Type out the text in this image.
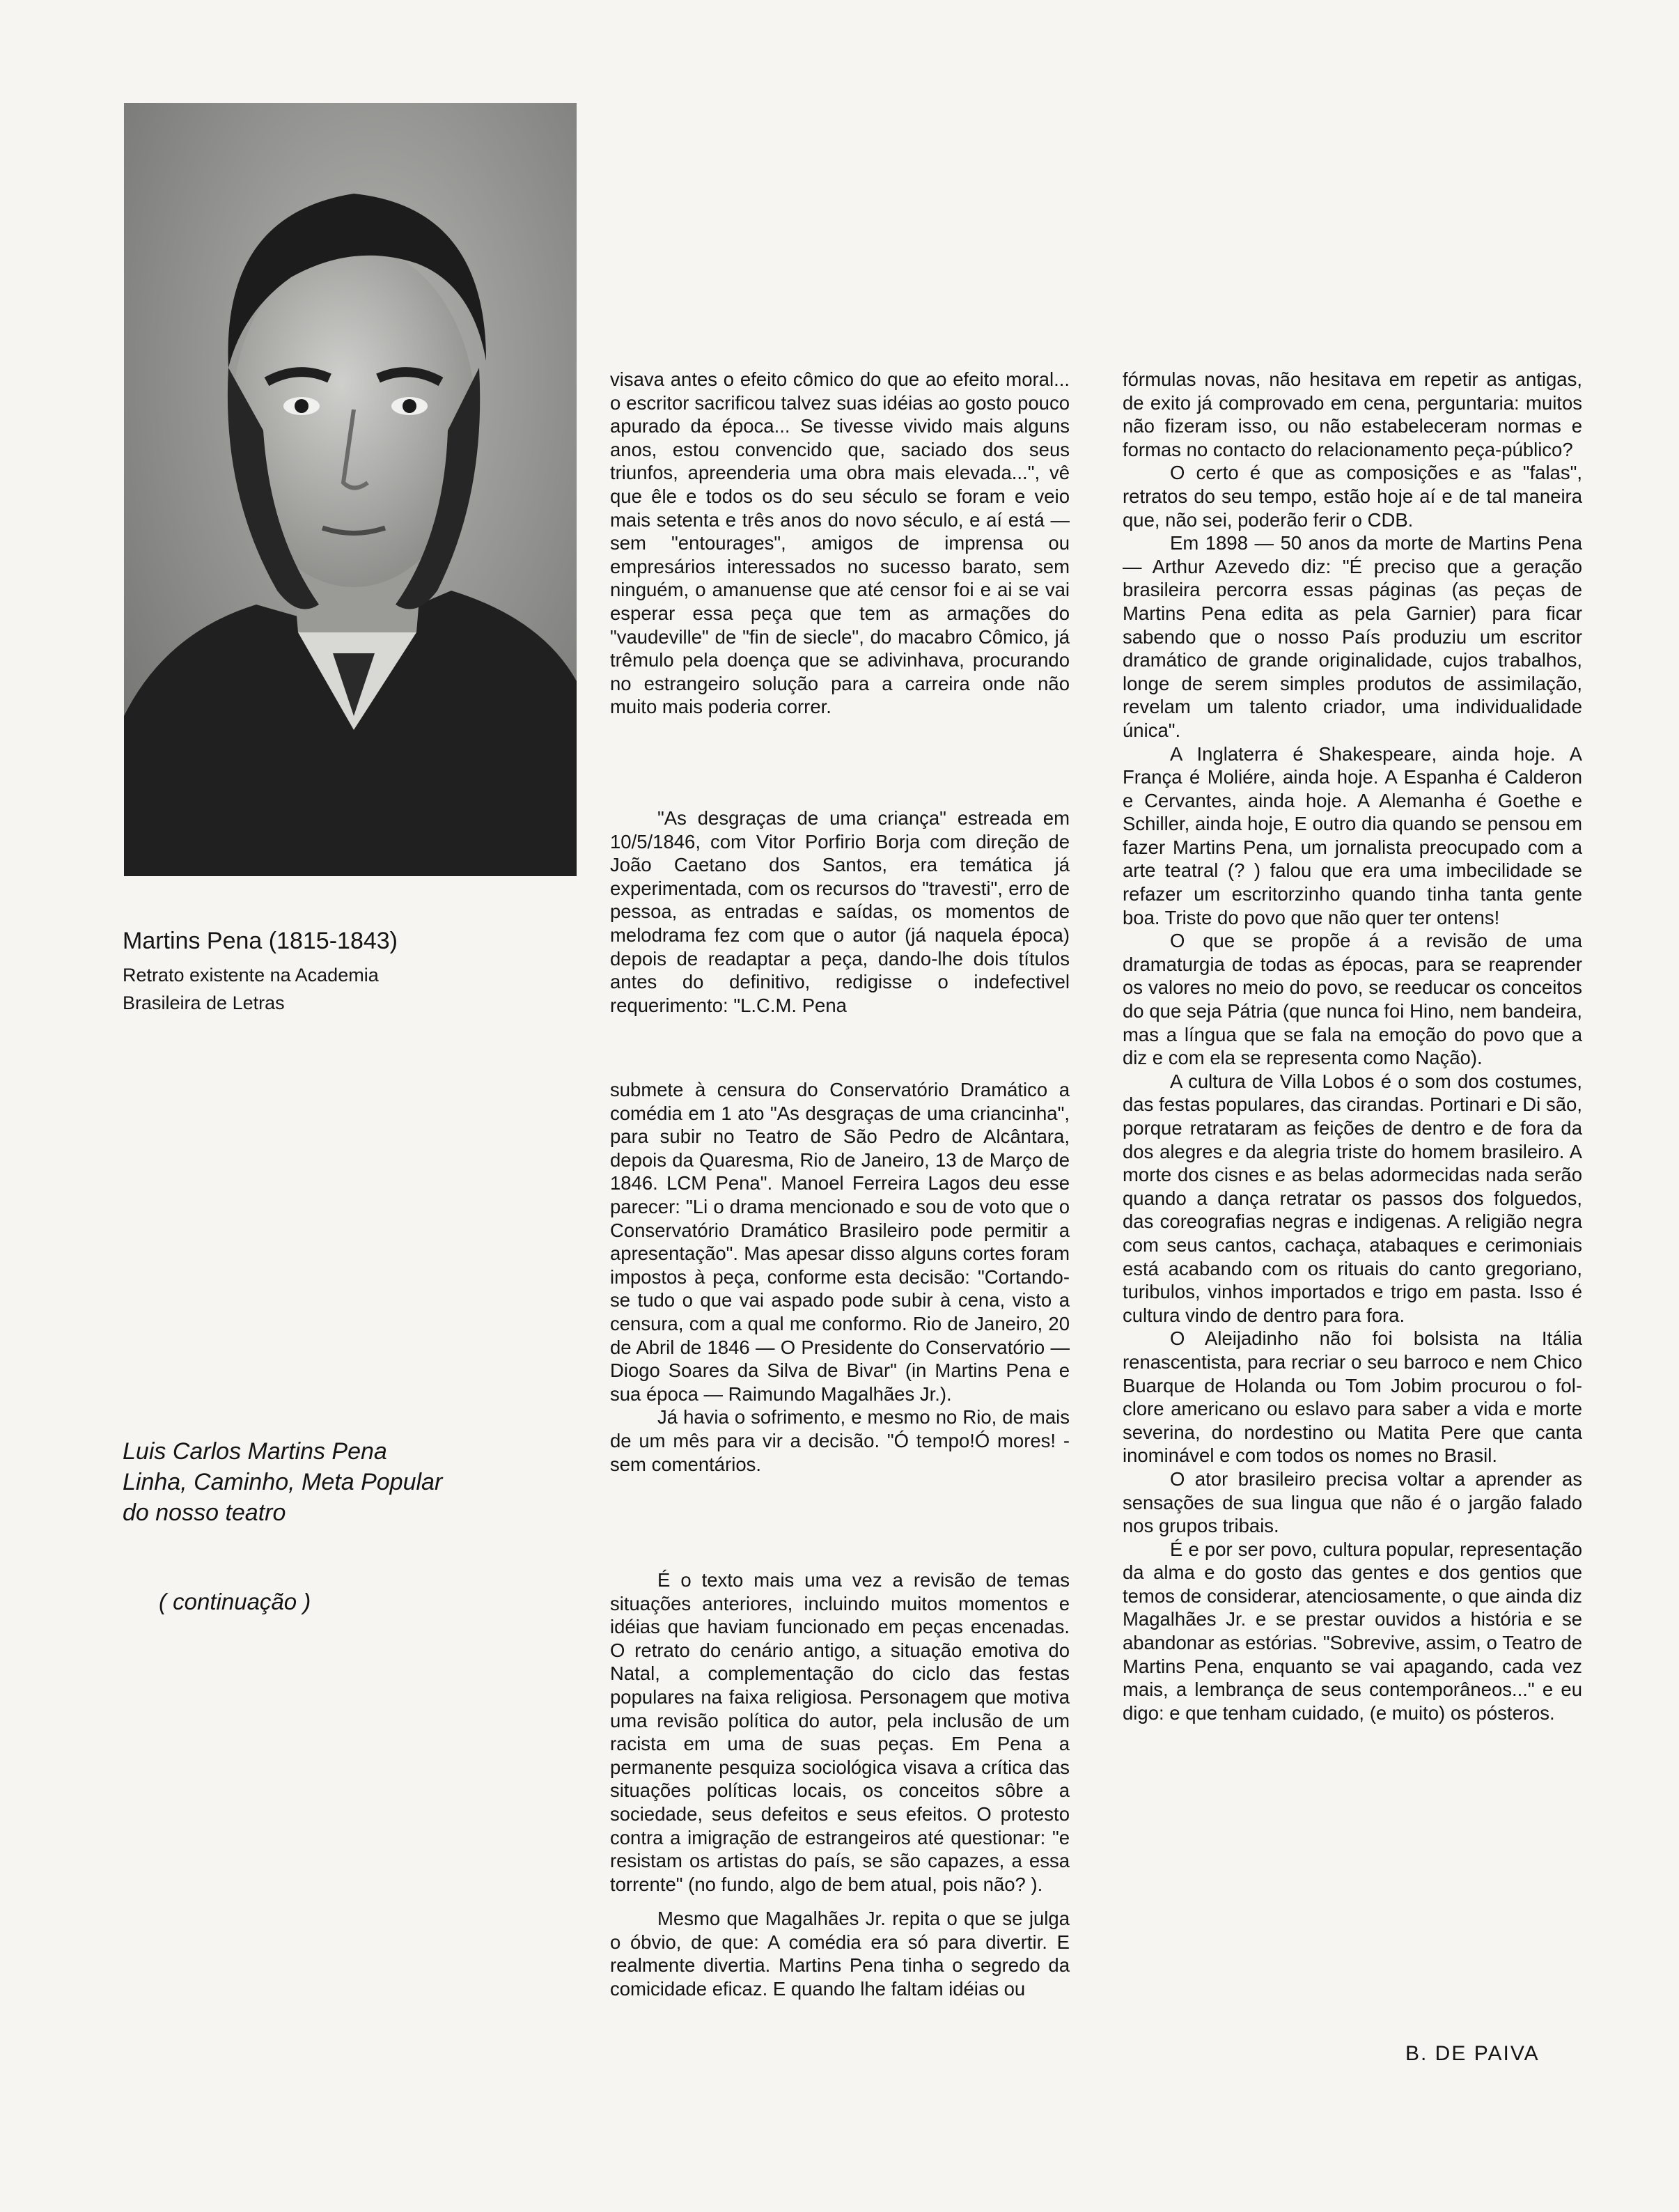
Martins Pena (1815-1843)
Retrato existente na Academia
Brasileira de Letras
Luis Carlos Martins Pena
Linha, Caminho, Meta Popular
do nosso teatro
( continuação )

visava antes o efeito cômico do que ao efeito moral... o escritor sacrificou talvez suas idéias ao gosto pouco apurado da época... Se tivesse vivido mais alguns anos, estou convencido que, saciado dos seus triunfos, apreenderia uma obra mais elevada...", vê que êle e todos os do seu século se foram e veio mais setenta e três anos do novo século, e aí está — sem "entourages", amigos de imprensa ou empresários interessados no sucesso barato, sem ninguém, o amanuense que até censor foi e ai se vai esperar essa peça que tem as armações do "vaudeville" de "fin de siecle", do macabro Cômico, já trêmulo pela doença que se adivinhava, procurando no estrangeiro solução para a carreira onde não muito mais poderia correr.

"As desgraças de uma criança" estreada em 10/5/1846, com Vitor Porfirio Borja com direção de João Caetano dos Santos, era temática já experimentada, com os recursos do "travesti", erro de pessoa, as entradas e saídas, os momentos de melodrama fez com que o autor (já naquela época) depois de readaptar a peça, dando-lhe dois títulos antes do definitivo, redigisse o indefectivel requerimento: "L.C.M. Pena

submete à censura do Conservatório Dramático a comédia em 1 ato "As desgraças de uma criancinha", para subir no Teatro de São Pedro de Alcântara, depois da Quaresma, Rio de Janeiro, 13 de Março de 1846. LCM Pena". Manoel Ferreira Lagos deu esse parecer: "Li o drama mencionado e sou de voto que o Conservatório Dramático Brasileiro pode permitir a apresentação". Mas apesar disso alguns cortes foram impostos à peça, conforme esta decisão: "Cortando-se tudo o que vai aspado pode subir à cena, visto a censura, com a qual me conformo. Rio de Janeiro, 20 de Abril de 1846 — O Presidente do Conservatório — Diogo Soares da Silva de Bivar" (in Martins Pena e sua época — Raimundo Magalhães Jr.).

Já havia o sofrimento, e mesmo no Rio, de mais de um mês para vir a decisão. "Ó tempo!Ó mores! - sem comentários.

É o texto mais uma vez a revisão de temas situações anteriores, incluindo muitos momentos e idéias que haviam funcionado em peças encenadas. O retrato do cenário antigo, a situação emotiva do Natal, a complementação do ciclo das festas populares na faixa religiosa. Personagem que motiva uma revisão política do autor, pela inclusão de um racista em uma de suas peças. Em Pena a permanente pesquiza sociológica visava a crítica das situações políticas locais, os conceitos sôbre a sociedade, seus defeitos e seus efeitos. O protesto contra a imigração de estrangeiros até questionar: "e resistam os artistas do país, se são capazes, a essa torrente" (no fundo, algo de bem atual, pois não? ).

Mesmo que Magalhães Jr. repita o que se julga o óbvio, de que: A comédia era só para divertir. E realmente divertia. Martins Pena tinha o segredo da comicidade eficaz. E quando lhe faltam idéias ou

fórmulas novas, não hesitava em repetir as antigas, de exito já comprovado em cena, perguntaria: muitos não fizeram isso, ou não estabeleceram normas e formas no contacto do relacionamento peça-público?

O certo é que as composições e as "falas", retratos do seu tempo, estão hoje aí e de tal maneira que, não sei, poderão ferir o CDB.

Em 1898 — 50 anos da morte de Martins Pena — Arthur Azevedo diz: "É preciso que a geração brasileira percorra essas páginas (as peças de Martins Pena edita as pela Garnier) para ficar sabendo que o nosso País produziu um escritor dramático de grande originalidade, cujos trabalhos, longe de serem simples produtos de assimilação, revelam um talento criador, uma individualidade única".

A Inglaterra é Shakespeare, ainda hoje. A França é Moliére, ainda hoje. A Espanha é Calderon e Cervantes, ainda hoje. A Alemanha é Goethe e Schiller, ainda hoje, E outro dia quando se pensou em fazer Martins Pena, um jornalista preocupado com a arte teatral (? ) falou que era uma imbecilidade se refazer um escritorzinho quando tinha tanta gente boa. Triste do povo que não quer ter ontens!

O que se propõe á a revisão de uma dramaturgia de todas as épocas, para se reaprender os valores no meio do povo, se reeducar os conceitos do que seja Pátria (que nunca foi Hino, nem bandeira, mas a língua que se fala na emoção do povo que a diz e com ela se representa como Nação).

A cultura de Villa Lobos é o som dos costumes, das festas populares, das cirandas. Portinari e Di são, porque retrataram as feições de dentro e de fora da dos alegres e da alegria triste do homem brasileiro. A morte dos cisnes e as belas adormecidas nada serão quando a dança retratar os passos dos folguedos, das coreografias negras e indigenas. A religião negra com seus cantos, cachaça, atabaques e cerimoniais está acabando com os rituais do canto gregoriano, turibulos, vinhos importados e trigo em pasta. Isso é cultura vindo de dentro para fora.

O Aleijadinho não foi bolsista na Itália renascentista, para recriar o seu barroco e nem Chico Buarque de Holanda ou Tom Jobim procurou o fol-clore americano ou eslavo para saber a vida e morte severina, do nordestino ou Matita Pere que canta inominável e com todos os nomes no Brasil.

O ator brasileiro precisa voltar a aprender as sensações de sua lingua que não é o jargão falado nos grupos tribais.

É e por ser povo, cultura popular, representação da alma e do gosto das gentes e dos gentios que temos de considerar, atenciosamente, o que ainda diz Magalhães Jr. e se prestar ouvidos a história e se abandonar as estórias. "Sobrevive, assim, o Teatro de Martins Pena, enquanto se vai apagando, cada vez mais, a lembrança de seus contemporâneos..." e eu digo: e que tenham cuidado, (e muito) os pósteros.

B. DE PAIVA
